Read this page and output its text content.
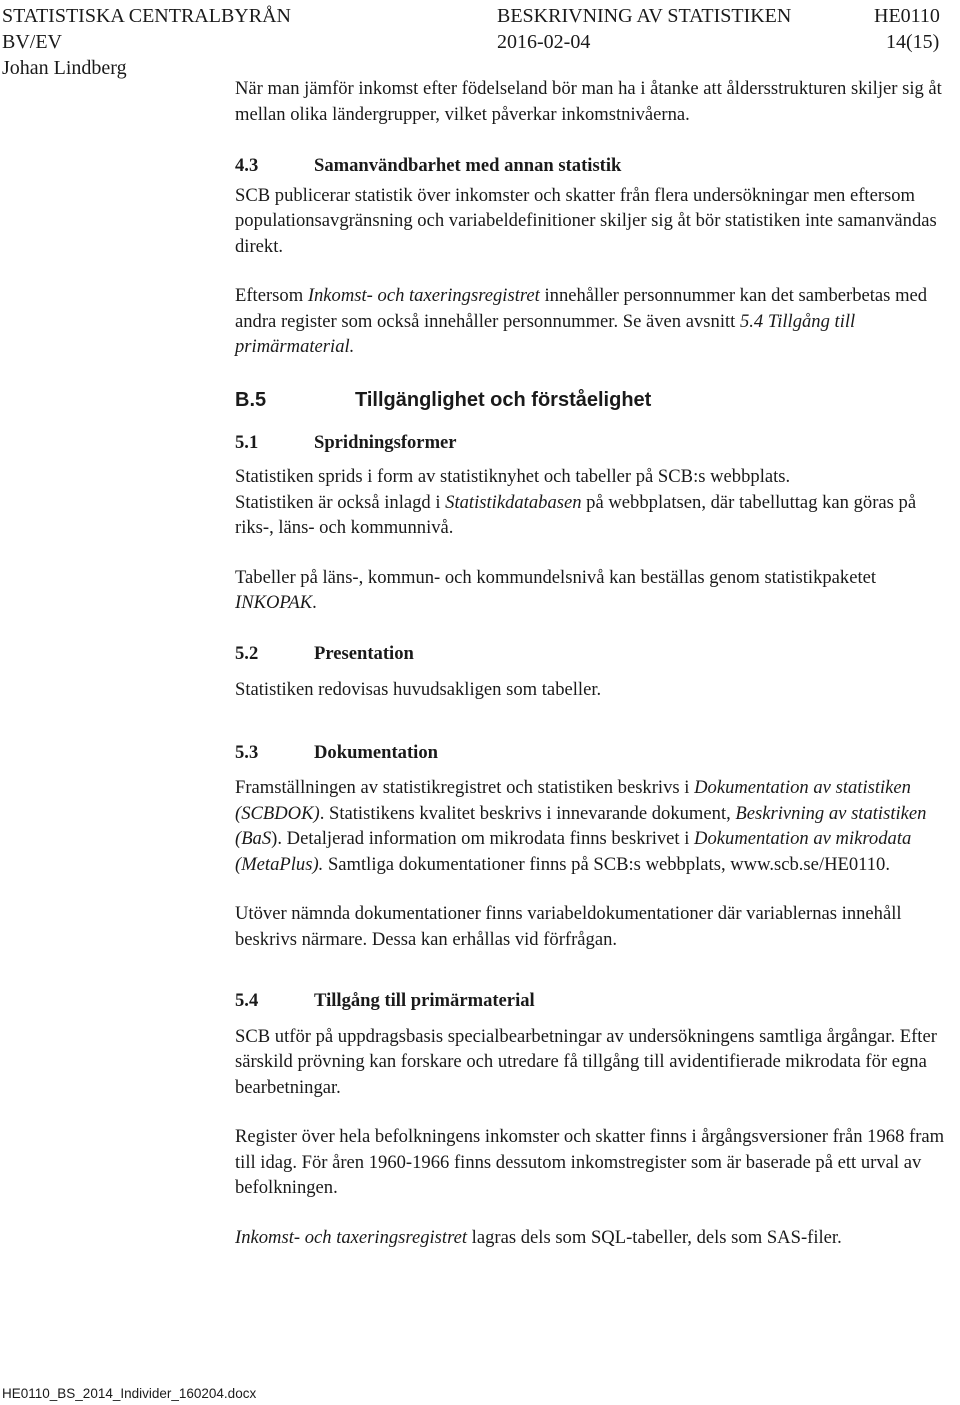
STATISTISKA CENTRALBYRÅN	BESKRIVNING AV STATISTIKEN	HE0110
BV/EV	2016-02-04	14(15)
Johan Lindberg

När man jämför inkomst efter födelseland bör man ha i åtanke att åldersstrukturen skiljer sig åt mellan olika ländergrupper, vilket påverkar inkomstnivåerna.

4.3	Samanvändbarhet med annan statistik

SCB publicerar statistik över inkomster och skatter från flera undersökningar men eftersom populationsavgränsning och variabeldefinitioner skiljer sig åt bör statistiken inte samanvändas direkt.

Eftersom Inkomst- och taxeringsregistret innehåller personnummer kan det samberbetas med andra register som också innehåller personnummer. Se även avsnitt 5.4 Tillgång till primärmaterial.

B.5	Tillgänglighet och förståelighet
5.1	Spridningsformer

Statistiken sprids i form av statistiknyhet och tabeller på SCB:s webbplats.

Statistiken är också inlagd i Statistikdatabasen på webbplatsen, där tabelluttag kan göras på riks-, läns- och kommunnivå.

Tabeller på läns-, kommun- och kommundelsnivå kan beställas genom statistikpaketet INKOPAK.

5.2	Presentation

Statistiken redovisas huvudsakligen som tabeller.

5.3	Dokumentation

Framställningen av statistikregistret och statistiken beskrivs i Dokumentation av statistiken (SCBDOK). Statistikens kvalitet beskrivs i innevarande dokument, Beskrivning av statistiken (BaS). Detaljerad information om mikrodata finns beskrivet i Dokumentation av mikrodata (MetaPlus). Samtliga dokumentationer finns på SCB:s webbplats, www.scb.se/HE0110.

Utöver nämnda dokumentationer finns variabeldokumentationer där variablernas innehåll beskrivs närmare. Dessa kan erhållas vid förfrågan.

5.4	Tillgång till primärmaterial

SCB utför på uppdragsbasis specialbearbetningar av undersökningens samtliga årgångar. Efter särskild prövning kan forskare och utredare få tillgång till avidentifierade mikrodata för egna bearbetningar.

Register över hela befolkningens inkomster och skatter finns i årgångsversioner från 1968 fram till idag. För åren 1960-1966 finns dessutom inkomstregister som är baserade på ett urval av befolkningen.

Inkomst- och taxeringsregistret lagras dels som SQL-tabeller, dels som SAS-filer.

HE0110_BS_2014_Individer_160204.docx
